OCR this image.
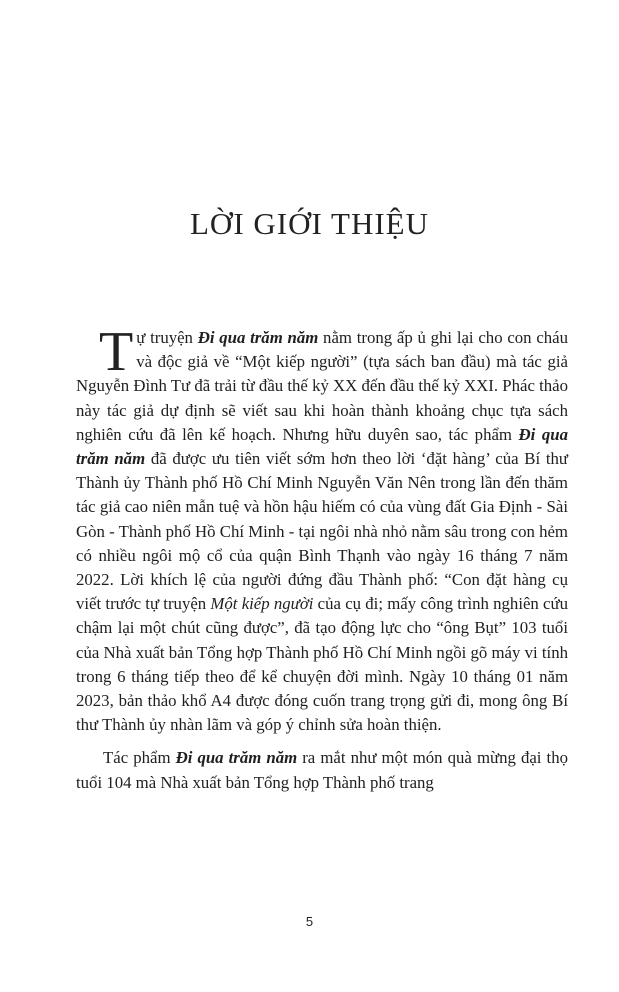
LỜI GIỚI THIỆU

Tự truyện Đi qua trăm năm nằm trong ấp ủ ghi lại cho con cháu và độc giả về “Một kiếp người” (tựa sách ban đầu) mà tác giả Nguyễn Đình Tư đã trải từ đầu thế kỷ XX đến đầu thế kỷ XXI. Phác thảo này tác giả dự định sẽ viết sau khi hoàn thành khoảng chục tựa sách nghiên cứu đã lên kế hoạch. Nhưng hữu duyên sao, tác phẩm Đi qua trăm năm đã được ưu tiên viết sớm hơn theo lời ‘đặt hàng’ của Bí thư Thành ủy Thành phố Hồ Chí Minh Nguyễn Văn Nên trong lần đến thăm tác giả cao niên mẫn tuệ và hồn hậu hiếm có của vùng đất Gia Định - Sài Gòn - Thành phố Hồ Chí Minh - tại ngôi nhà nhỏ nằm sâu trong con hẻm có nhiều ngôi mộ cổ của quận Bình Thạnh vào ngày 16 tháng 7 năm 2022. Lời khích lệ của người đứng đầu Thành phố: “Con đặt hàng cụ viết trước tự truyện Một kiếp người của cụ đi; mấy công trình nghiên cứu chậm lại một chút cũng được”, đã tạo động lực cho “ông Bụt” 103 tuổi của Nhà xuất bản Tổng hợp Thành phố Hồ Chí Minh ngồi gõ máy vi tính trong 6 tháng tiếp theo để kể chuyện đời mình. Ngày 10 tháng 01 năm 2023, bản thảo khổ A4 được đóng cuốn trang trọng gửi đi, mong ông Bí thư Thành ủy nhàn lãm và góp ý chỉnh sửa hoàn thiện.

Tác phẩm Đi qua trăm năm ra mắt như một món quà mừng đại thọ tuổi 104 mà Nhà xuất bản Tổng hợp Thành phố trang

5
